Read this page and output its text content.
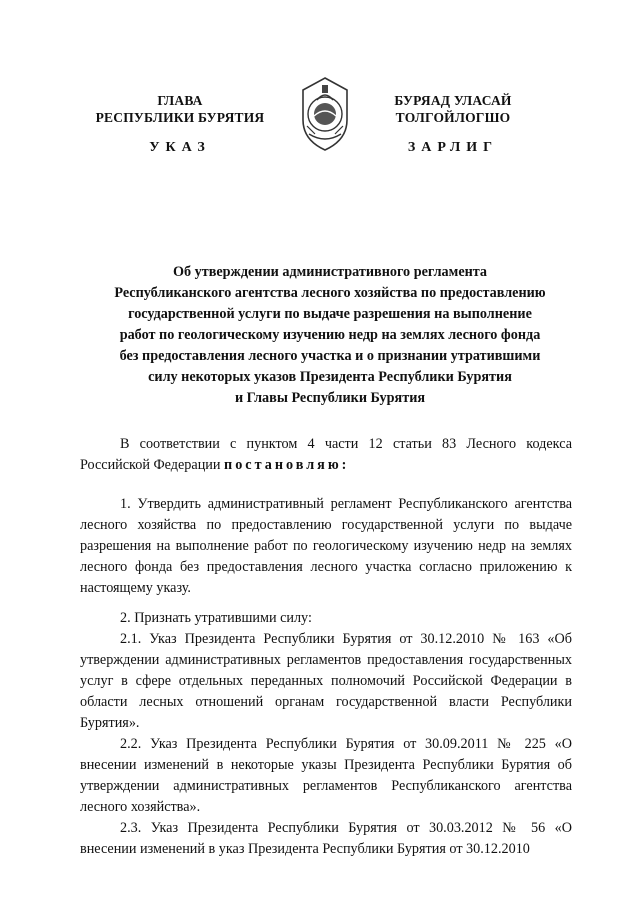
ГЛАВА
РЕСПУБЛИКИ БУРЯТИЯ
УКАЗ
БУРЯАД УЛАСАЙ
ТОЛГОЙЛОГШО
ЗАРЛИГ
Об утверждении административного регламента
Республиканского агентства лесного хозяйства по предоставлению
государственной услуги по выдаче разрешения на выполнение
работ по геологическому изучению недр на землях лесного фонда
без предоставления лесного участка и о признании утратившими
силу некоторых указов Президента Республики Бурятия
и Главы Республики Бурятия

В соответствии с пунктом 4 части 12 статьи 83 Лесного кодекса Российской Федерации постановляю:

1. Утвердить административный регламент Республиканского агентства лесного хозяйства по предоставлению государственной услуги по выдаче разрешения на выполнение работ по геологическому изучению недр на землях лесного фонда без предоставления лесного участка согласно приложению к настоящему указу.

2. Признать утратившими силу:

2.1. Указ Президента Республики Бурятия от 30.12.2010 № 163 «Об утверждении административных регламентов предоставления государственных услуг в сфере отдельных переданных полномочий Российской Федерации в области лесных отношений органам государственной власти Республики Бурятия».

2.2. Указ Президента Республики Бурятия от 30.09.2011 № 225 «О внесении изменений в некоторые указы Президента Республики Бурятия об утверждении административных регламентов Республиканского агентства лесного хозяйства».

2.3. Указ Президента Республики Бурятия от 30.03.2012 № 56 «О внесении изменений в указ Президента Республики Бурятия от 30.12.2010
